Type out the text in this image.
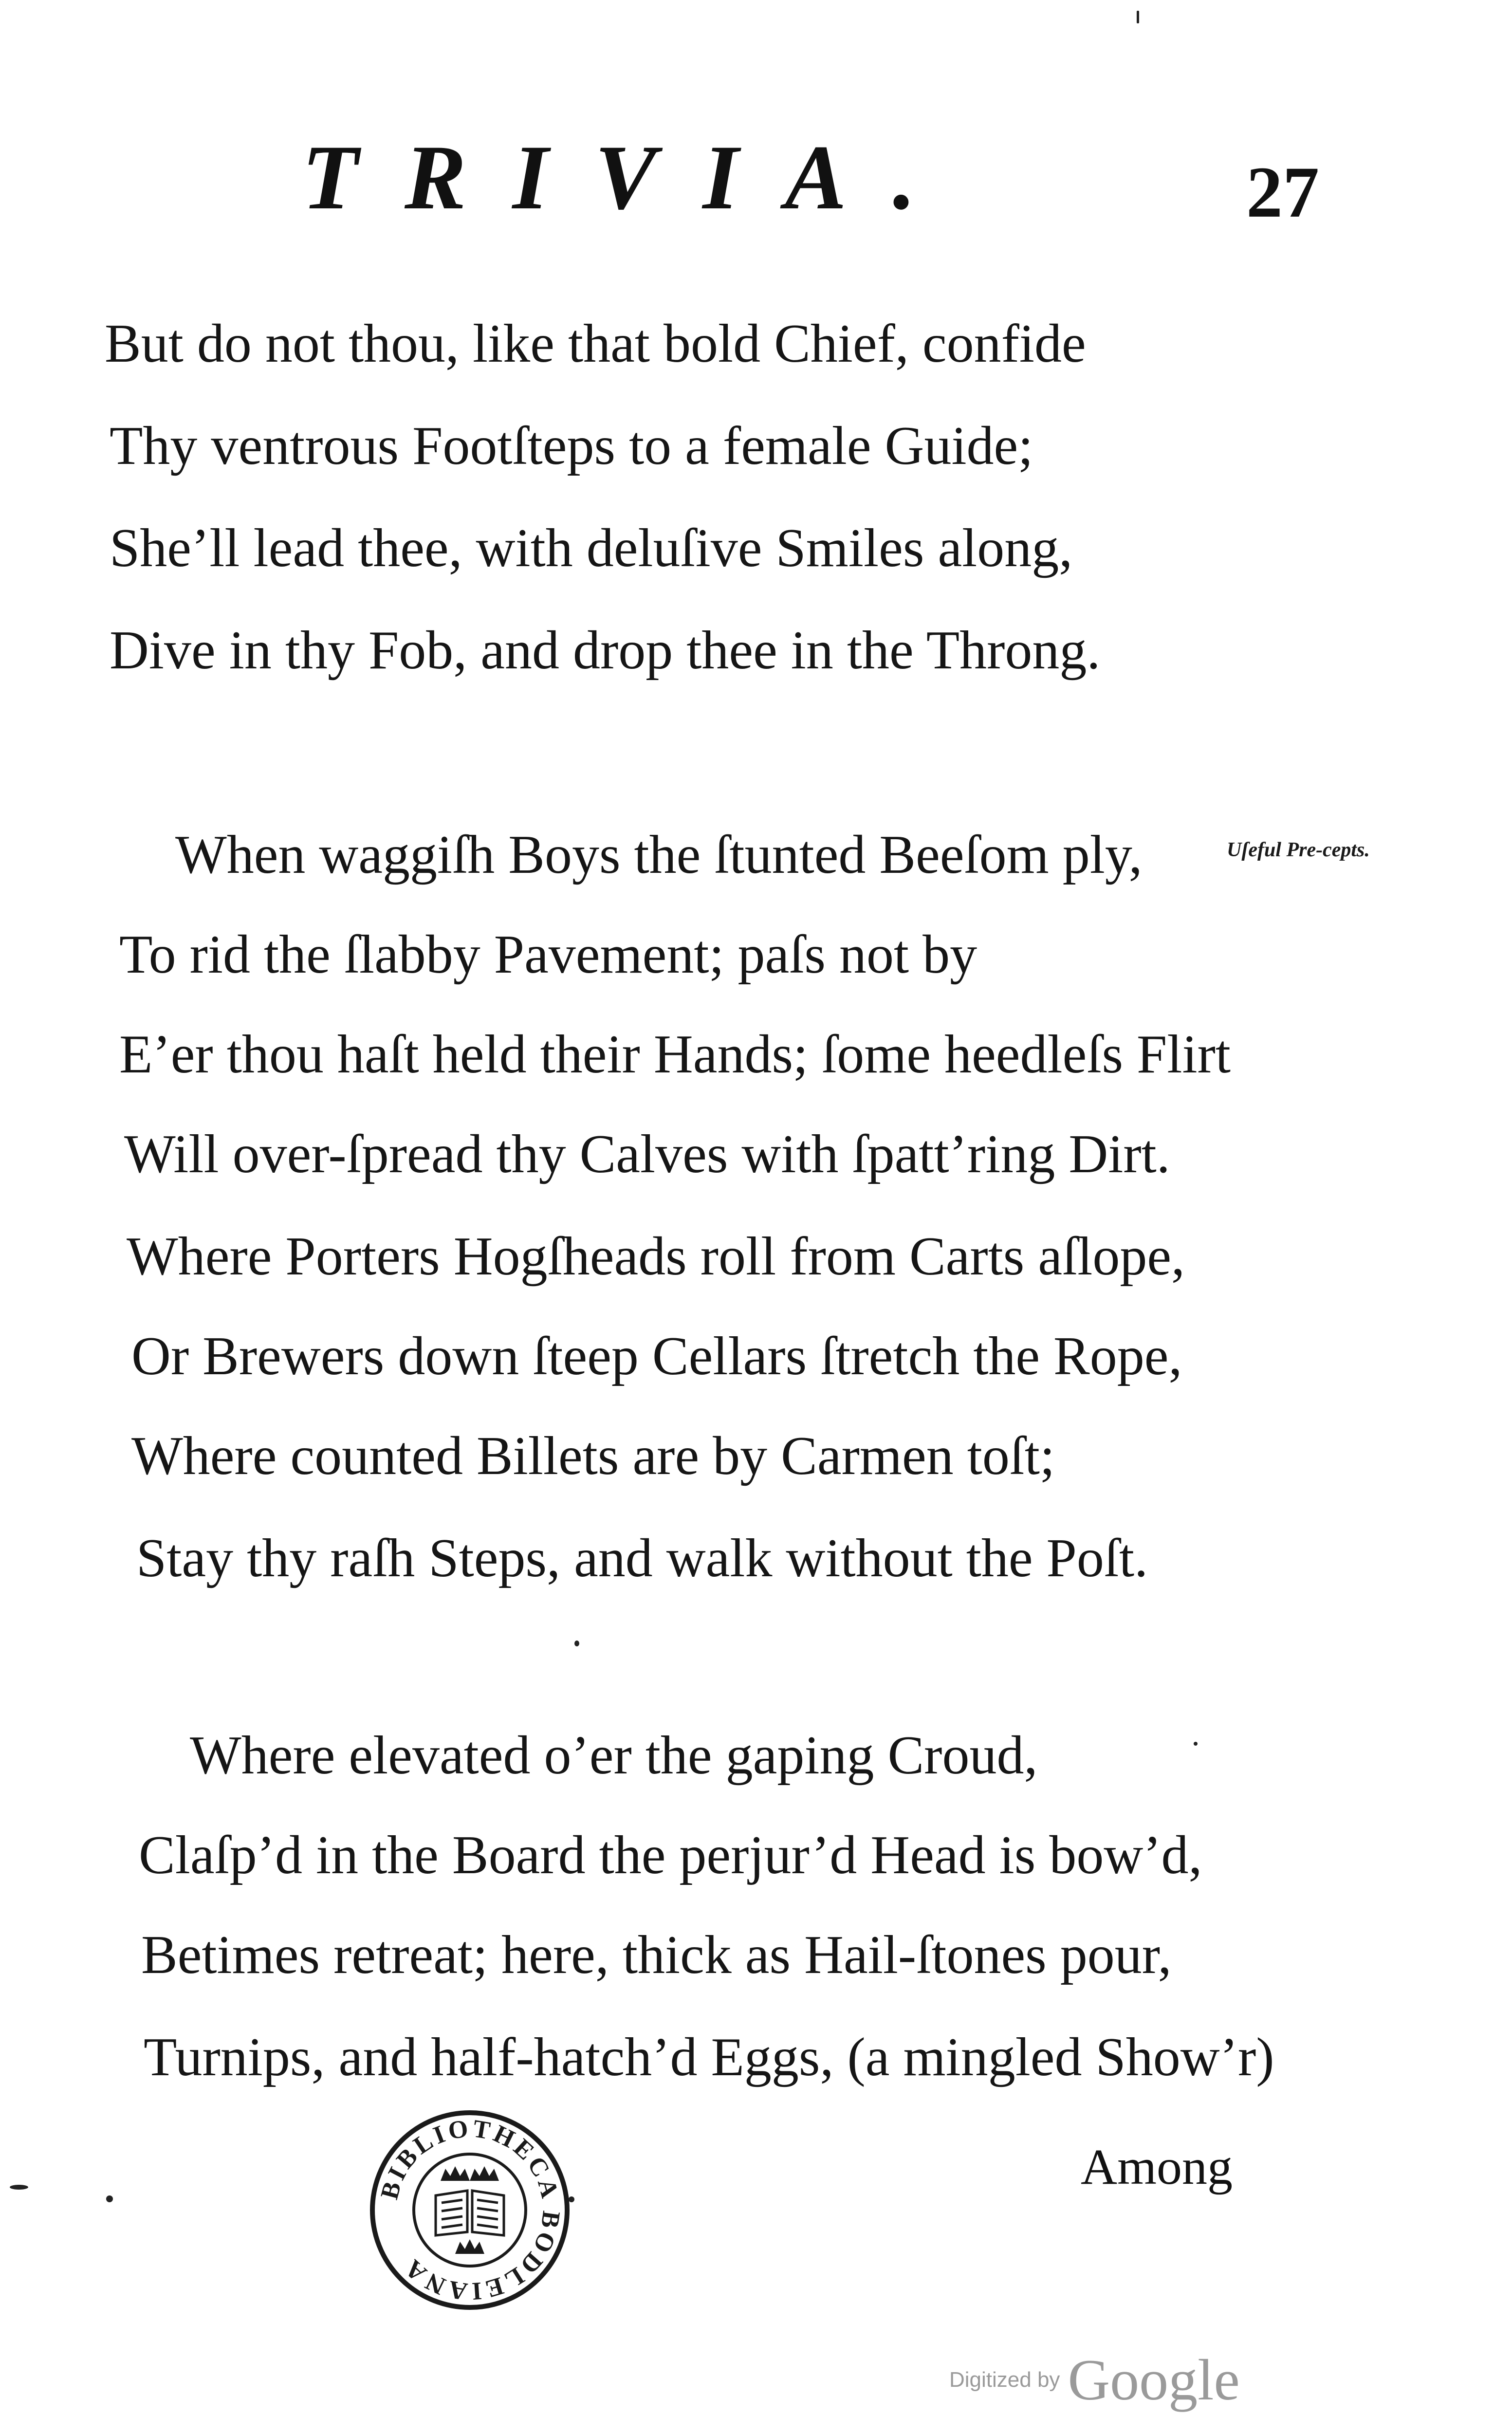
TRIVIA.	27
But do not thou, like that bold Chief, confide
Thy ventrous Footſteps to a female Guide;
She’ll lead thee, with deluſive Smiles along,
Dive in thy Fob, and drop thee in the Throng.
When waggiſh Boys the ſtunted Beeſom ply,
To rid the ſlabby Pavement; paſs not by
E’er thou haſt held their Hands; ſome heedleſs Flirt
Will over-ſpread thy Calves with ſpatt’ring Dirt.
Where Porters Hogſheads roll from Carts aſlope,
Or Brewers down ſteep Cellars ſtretch the Rope,
Where counted Billets are by Carmen toſt;
Stay thy raſh Steps, and walk without the Poſt.
Where elevated o’er the gaping Croud,
Claſp’d in the Board the perjur’d Head is bow’d,
Betimes retreat; here, thick as Hail-ſtones pour,
Turnips, and half-hatch’d Eggs, (a mingled Show’r)
Uſeful Pre-cepts.
Among
BIBLIOTHECA BODLEIANA
Digitized by Google
